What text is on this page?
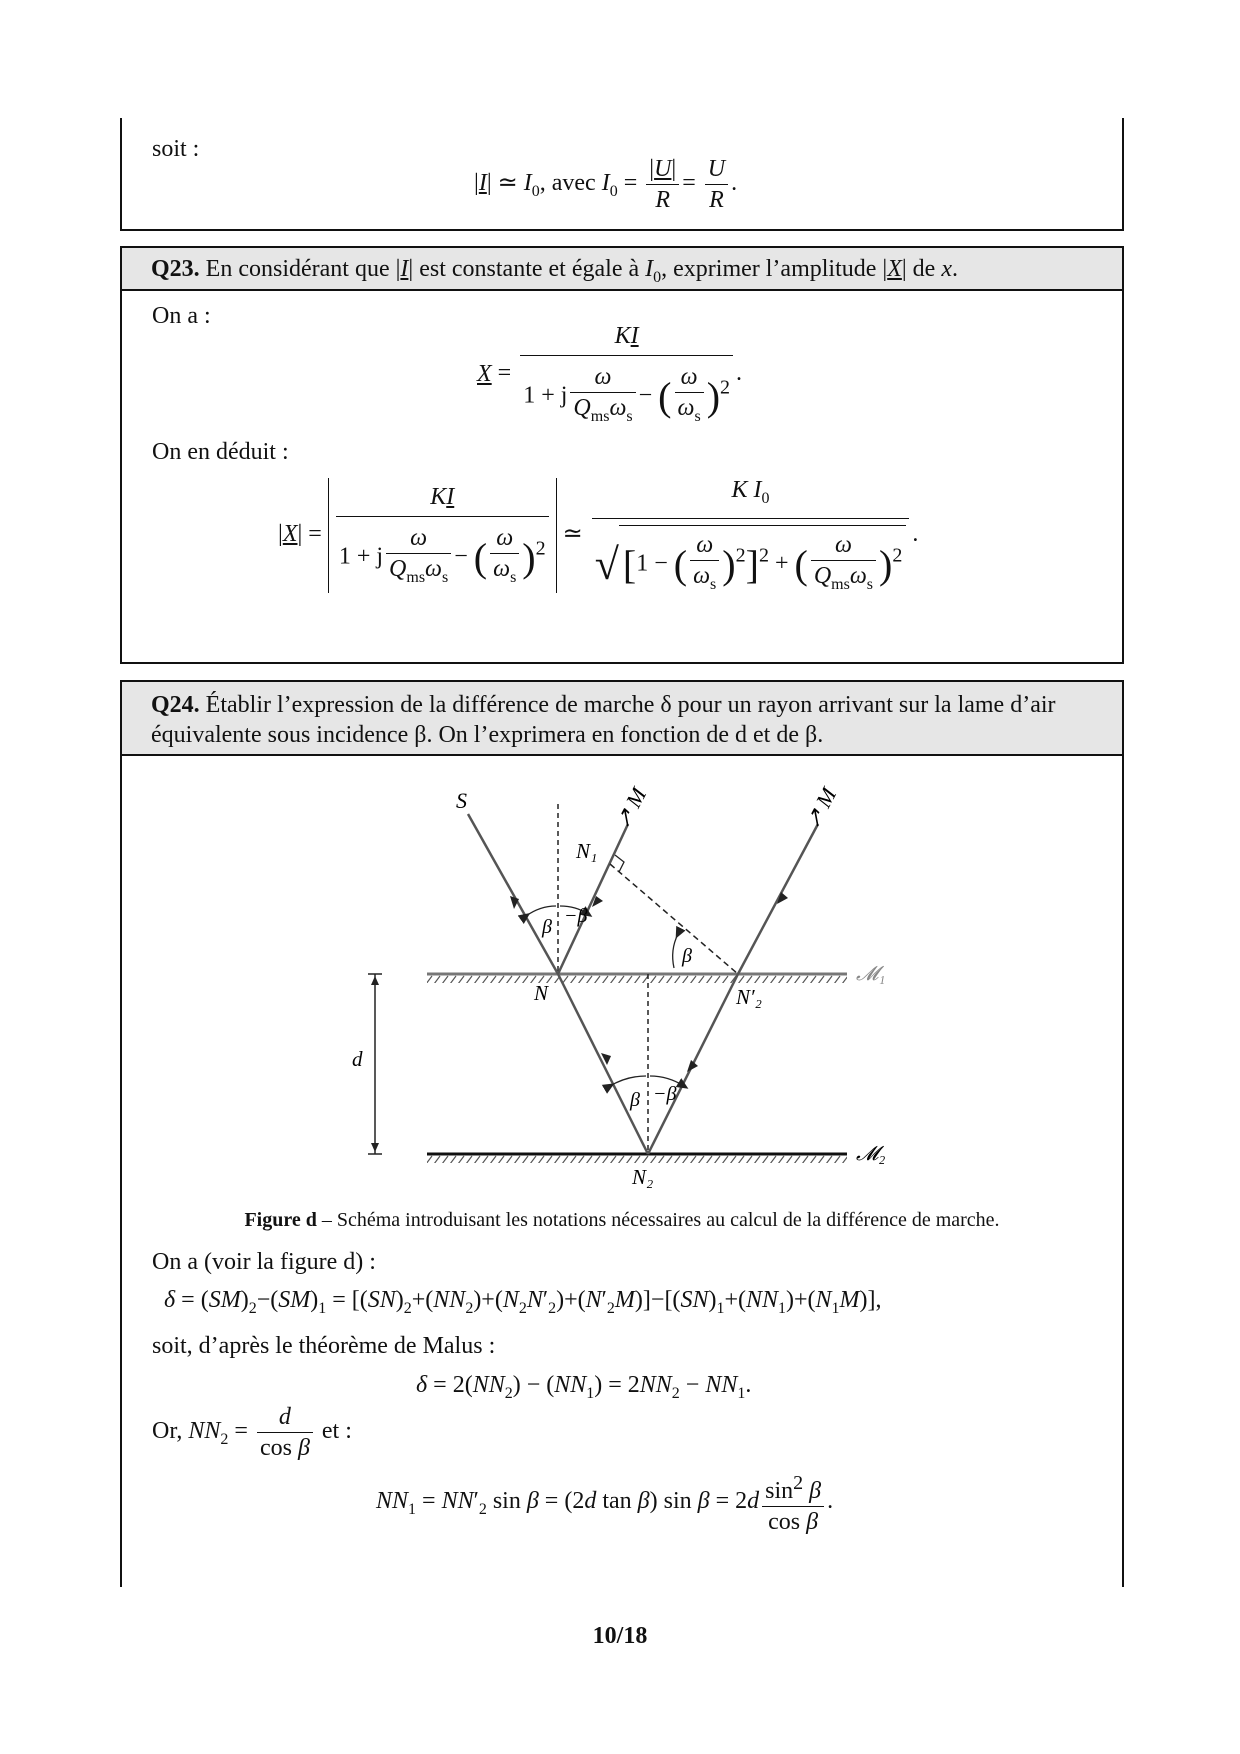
soit :
|I| ≃ $I_0$, avec $I_0 = \frac{|U|}{R} = \frac{U}{R}$ .
Q23. En considérant que |I| est constante et égale à $I_0$, exprimer l’amplitude |X| de x.
On a :
$X = \frac{KI}{1 + j \frac{\omega}{Q_{ms}\omega_s} - ( \frac{\omega}{\omega_s} )^2}$ .
On en déduit :
$|X| = \frac{KI}{1 + j \frac{\omega}{Q_{ms}\omega_s} - ( \frac{\omega}{\omega_s} )^2}$ ≃ $\frac{K I_0}{√ [1 - ( \frac{\omega}{\omega_s} )^2]^2 + ( \frac{\omega}{Q_{ms}\omega_s} )^2}$ .
Q24. Établir l’expression de la différence de marche δ pour un rayon arrivant sur la lame d’air
équivalente sous incidence β. On l’exprimera en fonction de d et de β.
S	↗ M	↗ M
N₁
β −β
β
N	N′₂
𝓜₁
d
β −β
𝓜₂
N₂
Figure d – Schéma introduisant les notations nécessaires au calcul de la différence de marche.
On a (voir la figure d) :
$\delta = (SM)_2-(SM)_1 = [(SN)_2+(NN_2)+(N_2N'_2)+(N'_2M)]-[(SN)_1+(NN_1)+(N_1M)]$,
soit, d’après le théorème de Malus :
$\delta = 2(NN_2) - (NN_1) = 2NN_2 - NN_1$.
Or, $NN_2 = \frac{d}{\text{cos β}}$ et :
$NN_1 = NN'_2$ sin β = (2d tan β) $\sin \beta = 2d \frac{\sin^2 \beta}{\text{cos β}}$ .
10/18
